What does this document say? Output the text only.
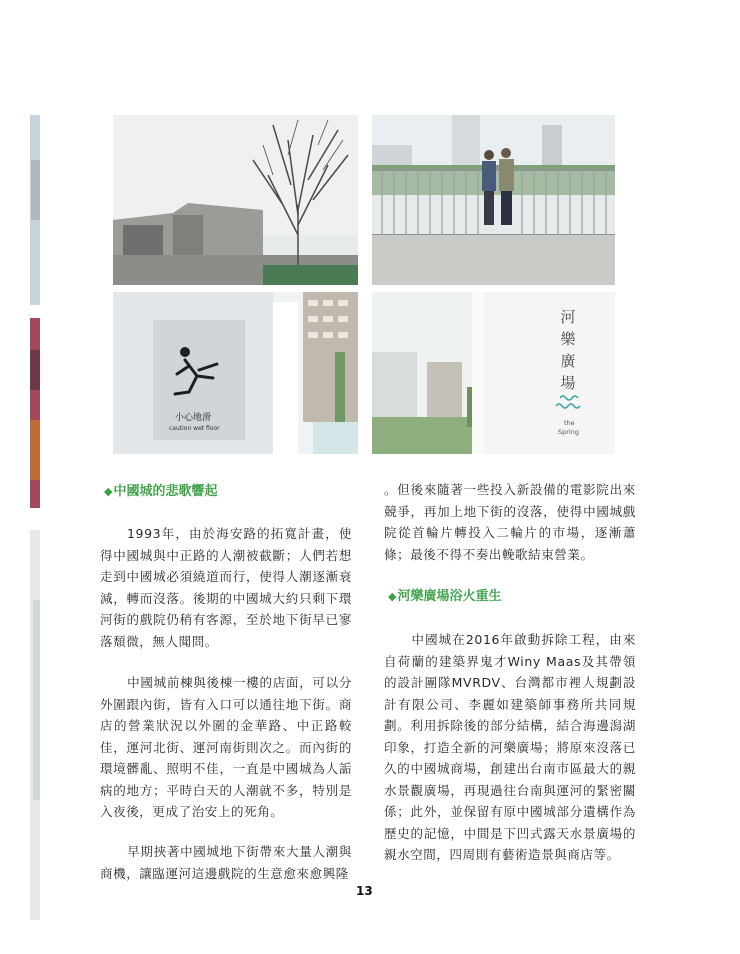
小心地滑
caution wet floor
河
樂
廣
場
the
Spring
◆中國城的悲歌響起
1993年，由於海安路的拓寬計畫，使得中國城與中正路的人潮被截斷；人們若想走到中國城必須繞道而行，使得人潮逐漸衰減，轉而沒落。後期的中國城大約只剩下環河街的戲院仍稍有客源，至於地下街早已寥落頹微，無人聞問。
中國城前棟與後棟一樓的店面，可以分外圍跟內街，皆有入口可以通往地下街。商店的營業狀況以外圍的金華路、中正路較佳，運河北街、運河南街則次之。而內街的環境髒亂、照明不佳，一直是中國城為人詬病的地方；平時白天的人潮就不多，特別是入夜後，更成了治安上的死角。
早期挾著中國城地下街帶來大量人潮與商機，讓臨運河這邊戲院的生意愈來愈興隆
。但後來隨著一些投入新設備的電影院出來競爭，再加上地下街的沒落，使得中國城戲院從首輪片轉投入二輪片的市場，逐漸蕭條；最後不得不奏出輓歌結束營業。
◆河樂廣場浴火重生
中國城在2016年啟動拆除工程，由來自荷蘭的建築界鬼才Winy Maas及其帶領的設計團隊MVRDV、台灣都市裡人規劃設計有限公司、李麗如建築師事務所共同規劃。利用拆除後的部分結構，結合海邊潟湖印象，打造全新的河樂廣場；將原來沒落已久的中國城商場，創建出台南市區最大的親水景觀廣場，再現過往台南與運河的緊密關係；此外，並保留有原中國城部分遺構作為歷史的記憶，中間是下凹式露天水景廣場的親水空間，四周則有藝術造景與商店等。
13
